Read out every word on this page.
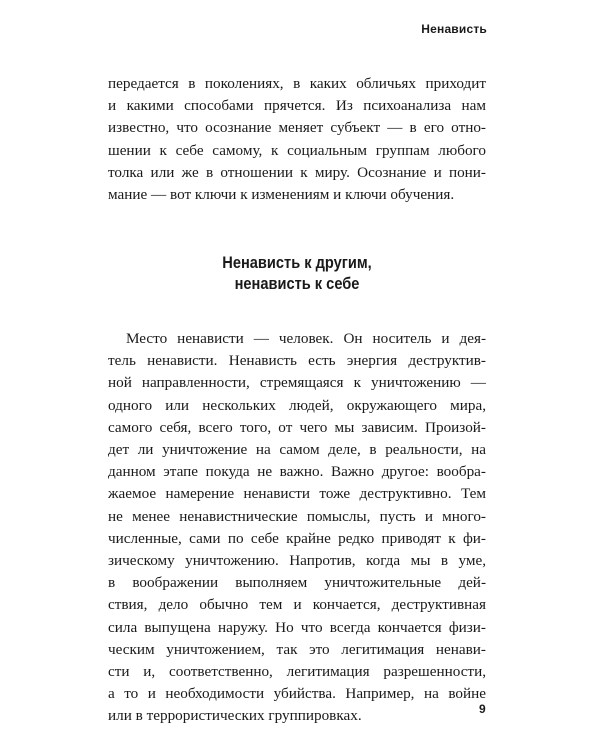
Ненависть

передается в поколениях, в каких обличьях приходит
и какими способами прячется. Из психоанализа нам
известно, что осознание меняет субъект — в его отно-
шении к себе самому, к социальным группам любого
толка или же в отношении к миру. Осознание и пони-
мание — вот ключи к изменениям и ключи обучения.

Ненависть к другим,
ненависть к себе

Место ненависти — человек. Он носитель и дея-
тель ненависти. Ненависть есть энергия деструктив-
ной направленности, стремящаяся к уничтожению —
одного или нескольких людей, окружающего мира,
самого себя, всего того, от чего мы зависим. Произой-
дет ли уничтожение на самом деле, в реальности, на
данном этапе покуда не важно. Важно другое: вообра-
жаемое намерение ненависти тоже деструктивно. Тем
не менее ненавистнические помыслы, пусть и много-
численные, сами по себе крайне редко приводят к фи-
зическому уничтожению. Напротив, когда мы в уме,
в воображении выполняем уничтожительные дей-
ствия, дело обычно тем и кончается, деструктивная
сила выпущена наружу. Но что всегда кончается физи-
ческим уничтожением, так это легитимация ненави-
сти и, соответственно, легитимация разрешенности,
а то и необходимости убийства. Например, на войне
или в террористических группировках.	9
